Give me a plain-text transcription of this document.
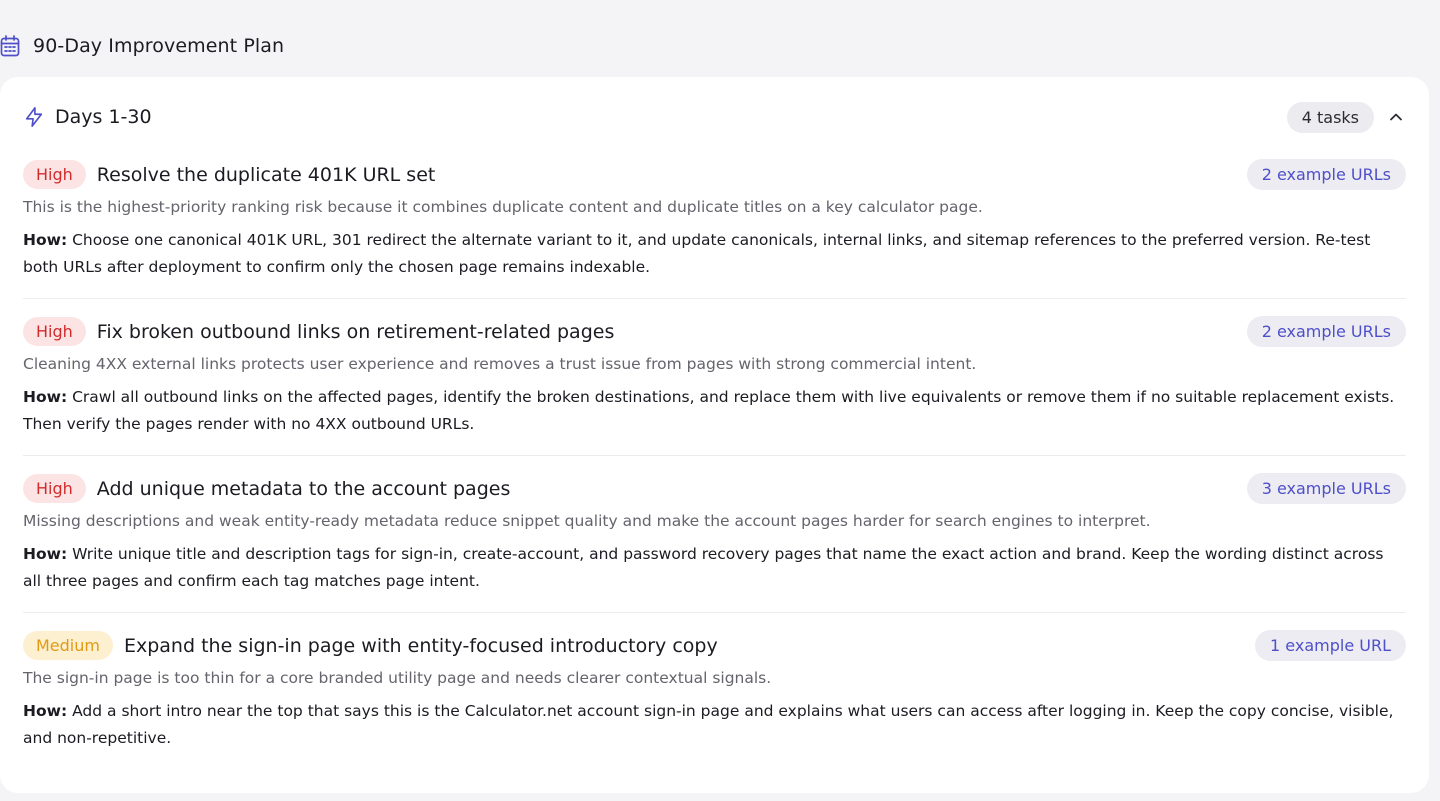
90-Day Improvement Plan
Days 1-30	4 tasks
High	Resolve the duplicate 401K URL set	2 example URLs
This is the highest-priority ranking risk because it combines duplicate content and duplicate titles on a key calculator page.
How: Choose one canonical 401K URL, 301 redirect the alternate variant to it, and update canonicals, internal links, and sitemap references to the preferred version. Re-test both URLs after deployment to confirm only the chosen page remains indexable.
High	Fix broken outbound links on retirement-related pages	2 example URLs
Cleaning 4XX external links protects user experience and removes a trust issue from pages with strong commercial intent.
How: Crawl all outbound links on the affected pages, identify the broken destinations, and replace them with live equivalents or remove them if no suitable replacement exists. Then verify the pages render with no 4XX outbound URLs.
High	Add unique metadata to the account pages	3 example URLs
Missing descriptions and weak entity-ready metadata reduce snippet quality and make the account pages harder for search engines to interpret.
How: Write unique title and description tags for sign-in, create-account, and password recovery pages that name the exact action and brand. Keep the wording distinct across all three pages and confirm each tag matches page intent.
Medium	Expand the sign-in page with entity-focused introductory copy	1 example URL
The sign-in page is too thin for a core branded utility page and needs clearer contextual signals.
How: Add a short intro near the top that says this is the Calculator.net account sign-in page and explains what users can access after logging in. Keep the copy concise, visible, and non-repetitive.
